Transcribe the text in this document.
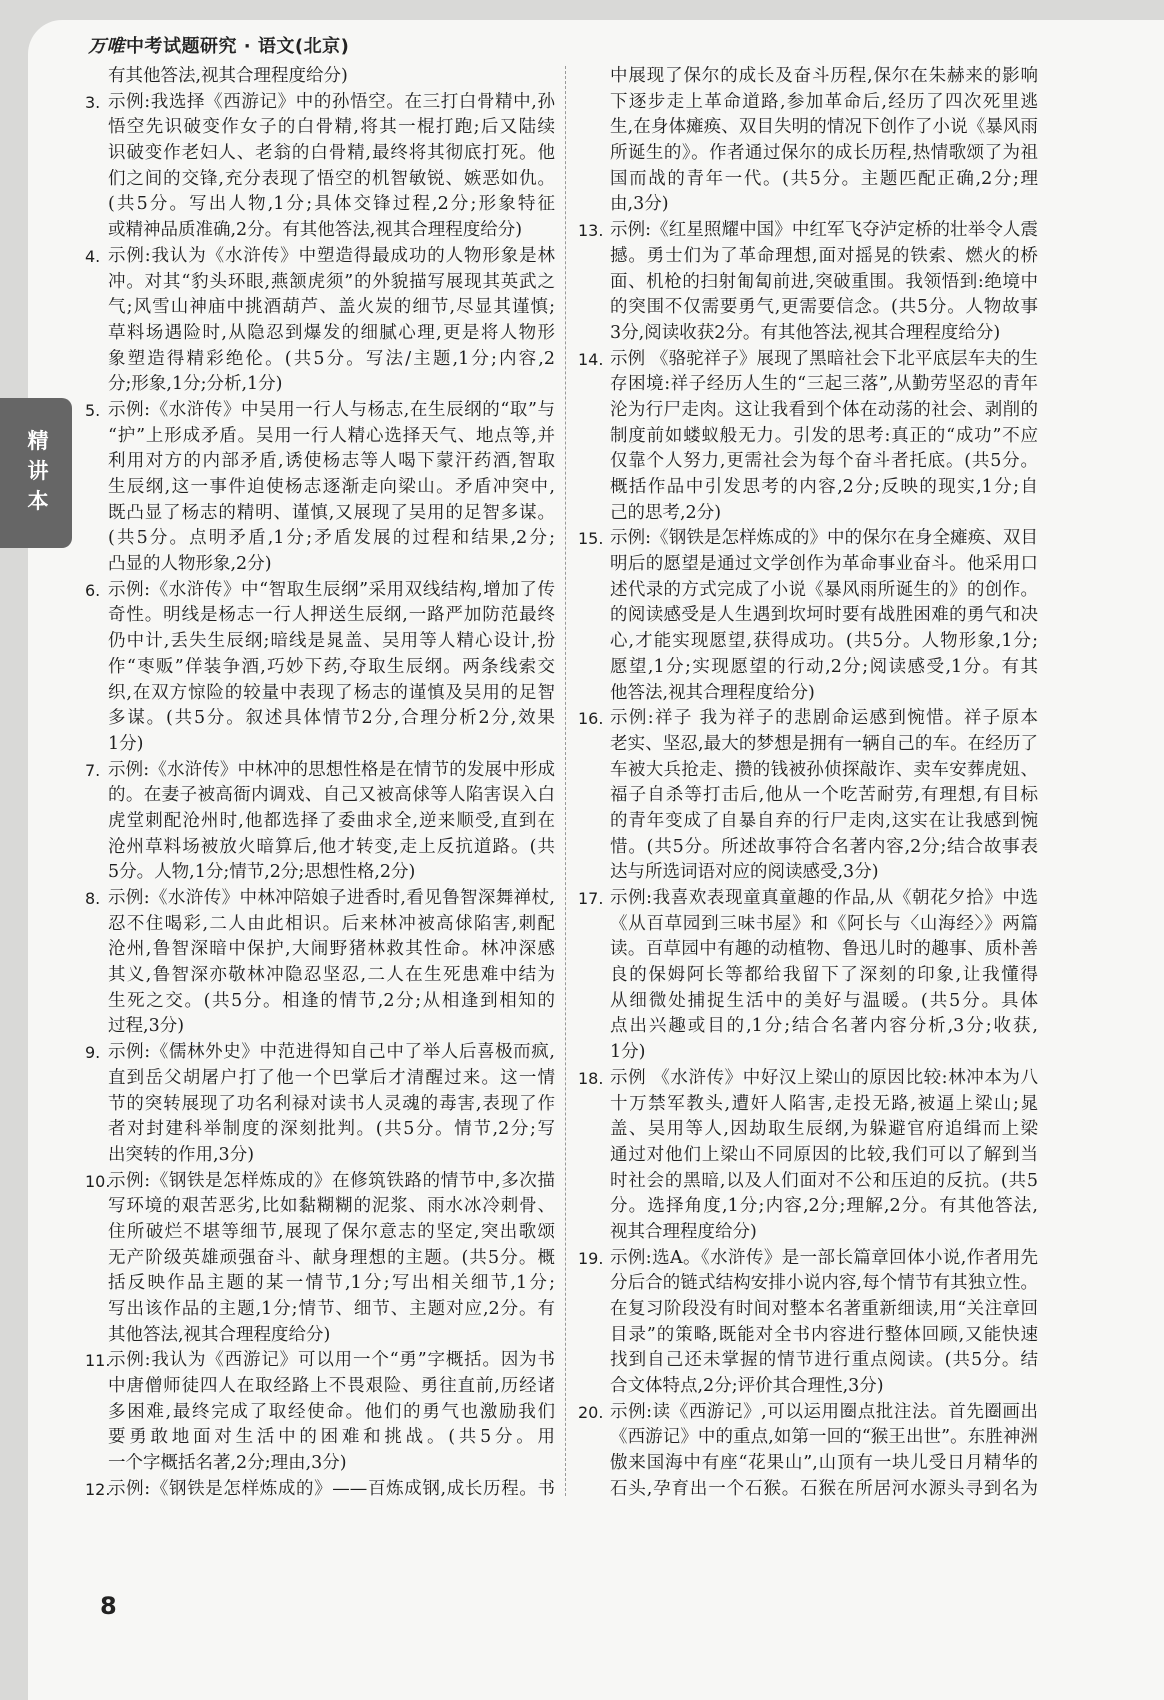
万唯中考试题研究 · 语文(北京)
精讲本
有其他答法,视其合理程度给分)
3. 示例:我选择《西游记》中的孙悟空。在三打白骨精中,孙
悟空先识破变作女子的白骨精,将其一棍打跑;后又陆续
识破变作老妇人、老翁的白骨精,最终将其彻底打死。他
们之间的交锋,充分表现了悟空的机智敏锐、嫉恶如仇。
(共5分。写出人物,1分;具体交锋过程,2分;形象特征
或精神品质准确,2分。有其他答法,视其合理程度给分)
4. 示例:我认为《水浒传》中塑造得最成功的人物形象是林
冲。对其“豹头环眼,燕颔虎须”的外貌描写展现其英武之
气;风雪山神庙中挑酒葫芦、盖火炭的细节,尽显其谨慎;
草料场遇险时,从隐忍到爆发的细腻心理,更是将人物形
象塑造得精彩绝伦。(共5分。写法/主题,1分;内容,2
分;形象,1分;分析,1分)
5. 示例:《水浒传》中吴用一行人与杨志,在生辰纲的“取”与
“护”上形成矛盾。吴用一行人精心选择天气、地点等,并
利用对方的内部矛盾,诱使杨志等人喝下蒙汗药酒,智取
生辰纲,这一事件迫使杨志逐渐走向梁山。矛盾冲突中,
既凸显了杨志的精明、谨慎,又展现了吴用的足智多谋。
(共5分。点明矛盾,1分;矛盾发展的过程和结果,2分;
凸显的人物形象,2分)
6. 示例:《水浒传》中“智取生辰纲”采用双线结构,增加了传
奇性。明线是杨志一行人押送生辰纲,一路严加防范最终
仍中计,丢失生辰纲;暗线是晁盖、吴用等人精心设计,扮
作“枣贩”佯装争酒,巧妙下药,夺取生辰纲。两条线索交
织,在双方惊险的较量中表现了杨志的谨慎及吴用的足智
多谋。(共5分。叙述具体情节2分,合理分析2分,效果
1分)
7. 示例:《水浒传》中林冲的思想性格是在情节的发展中形成
的。在妻子被高衙内调戏、自己又被高俅等人陷害误入白
虎堂刺配沧州时,他都选择了委曲求全,逆来顺受,直到在
沧州草料场被放火暗算后,他才转变,走上反抗道路。(共
5分。人物,1分;情节,2分;思想性格,2分)
8. 示例:《水浒传》中林冲陪娘子进香时,看见鲁智深舞禅杖,
忍不住喝彩,二人由此相识。后来林冲被高俅陷害,刺配
沧州,鲁智深暗中保护,大闹野猪林救其性命。林冲深感
其义,鲁智深亦敬林冲隐忍坚忍,二人在生死患难中结为
生死之交。(共5分。相逢的情节,2分;从相逢到相知的
过程,3分)
9. 示例:《儒林外史》中范进得知自己中了举人后喜极而疯,
直到岳父胡屠户打了他一个巴掌后才清醒过来。这一情
节的突转展现了功名利禄对读书人灵魂的毒害,表现了作
者对封建科举制度的深刻批判。(共5分。情节,2分;写
出突转的作用,3分)
10.
示例:《钢铁是怎样炼成的》在修筑铁路的情节中,多次描
写环境的艰苦恶劣,比如黏糊糊的泥浆、雨水冰冷刺骨、
住所破烂不堪等细节,展现了保尔意志的坚定,突出歌颂
无产阶级英雄顽强奋斗、献身理想的主题。(共5分。概
括反映作品主题的某一情节,1分;写出相关细节,1分;
写出该作品的主题,1分;情节、细节、主题对应,2分。有
其他答法,视其合理程度给分)
11.
示例:我认为《西游记》可以用一个“勇”字概括。因为书
中唐僧师徒四人在取经路上不畏艰险、勇往直前,历经诸
多困难,最终完成了取经使命。他们的勇气也激励我们
要勇敢地面对生活中的困难和挑战。(共5分。用
一个字概括名著,2分;理由,3分)
12.
示例:《钢铁是怎样炼成的》——百炼成钢,成长历程。书
中展现了保尔的成长及奋斗历程,保尔在朱赫来的影响
下逐步走上革命道路,参加革命后,经历了四次死里逃
生,在身体瘫痪、双目失明的情况下创作了小说《暴风雨
所诞生的》。作者通过保尔的成长历程,热情歌颂了为祖
国而战的青年一代。(共5分。主题匹配正确,2分;理
由,3分)
13. 示例:《红星照耀中国》中红军飞夺泸定桥的壮举令人震
撼。勇士们为了革命理想,面对摇晃的铁索、燃火的桥
面、机枪的扫射匍匐前进,突破重围。我领悟到:绝境中
的突围不仅需要勇气,更需要信念。(共5分。人物故事
3分,阅读收获2分。有其他答法,视其合理程度给分)
14. 示例 《骆驼祥子》展现了黑暗社会下北平底层车夫的生
存困境:祥子经历人生的“三起三落”,从勤劳坚忍的青年
沦为行尸走肉。这让我看到个体在动荡的社会、剥削的
制度前如蝼蚁般无力。引发的思考:真正的“成功”不应
仅靠个人努力,更需社会为每个奋斗者托底。(共5分。
概括作品中引发思考的内容,2分;反映的现实,1分;自
己的思考,2分)
15. 示例:《钢铁是怎样炼成的》中的保尔在身全瘫痪、双目
明后的愿望是通过文学创作为革命事业奋斗。他采用口
述代录的方式完成了小说《暴风雨所诞生的》的创作。
的阅读感受是人生遇到坎坷时要有战胜困难的勇气和决
心,才能实现愿望,获得成功。(共5分。人物形象,1分;
愿望,1分;实现愿望的行动,2分;阅读感受,1分。有其
他答法,视其合理程度给分)
16. 示例:祥子 我为祥子的悲剧命运感到惋惜。祥子原本
老实、坚忍,最大的梦想是拥有一辆自己的车。在经历了
车被大兵抢走、攒的钱被孙侦探敲诈、卖车安葬虎妞、
福子自杀等打击后,他从一个吃苦耐劳,有理想,有目标
的青年变成了自暴自弃的行尸走肉,这实在让我感到惋
惜。(共5分。所述故事符合名著内容,2分;结合故事表
达与所选词语对应的阅读感受,3分)
17. 示例:我喜欢表现童真童趣的作品,从《朝花夕拾》中选
《从百草园到三味书屋》和《阿长与〈山海经〉》两篇
读。百草园中有趣的动植物、鲁迅儿时的趣事、质朴善
良的保姆阿长等都给我留下了深刻的印象,让我懂得
从细微处捕捉生活中的美好与温暖。(共5分。具体
点出兴趣或目的,1分;结合名著内容分析,3分;收获,
1分)
18. 示例 《水浒传》中好汉上梁山的原因比较:林冲本为八
十万禁军教头,遭奸人陷害,走投无路,被逼上梁山;晁
盖、吴用等人,因劫取生辰纲,为躲避官府追缉而上梁
通过对他们上梁山不同原因的比较,我们可以了解到当
时社会的黑暗,以及人们面对不公和压迫的反抗。(共5
分。选择角度,1分;内容,2分;理解,2分。有其他答法,
视其合理程度给分)
19. 示例:选A。《水浒传》是一部长篇章回体小说,作者用先
分后合的链式结构安排小说内容,每个情节有其独立性。
在复习阶段没有时间对整本名著重新细读,用“关注章回
目录”的策略,既能对全书内容进行整体回顾,又能快速
找到自己还未掌握的情节进行重点阅读。(共5分。结
合文体特点,2分;评价其合理性,3分)
20. 示例:读《西游记》,可以运用圈点批注法。首先圈画出
《西游记》中的重点,如第一回的“猴王出世”。东胜神洲
傲来国海中有座“花果山”,山顶有一块儿受日月精华的
石头,孕育出一个石猴。石猴在所居河水源头寻到名为
8
